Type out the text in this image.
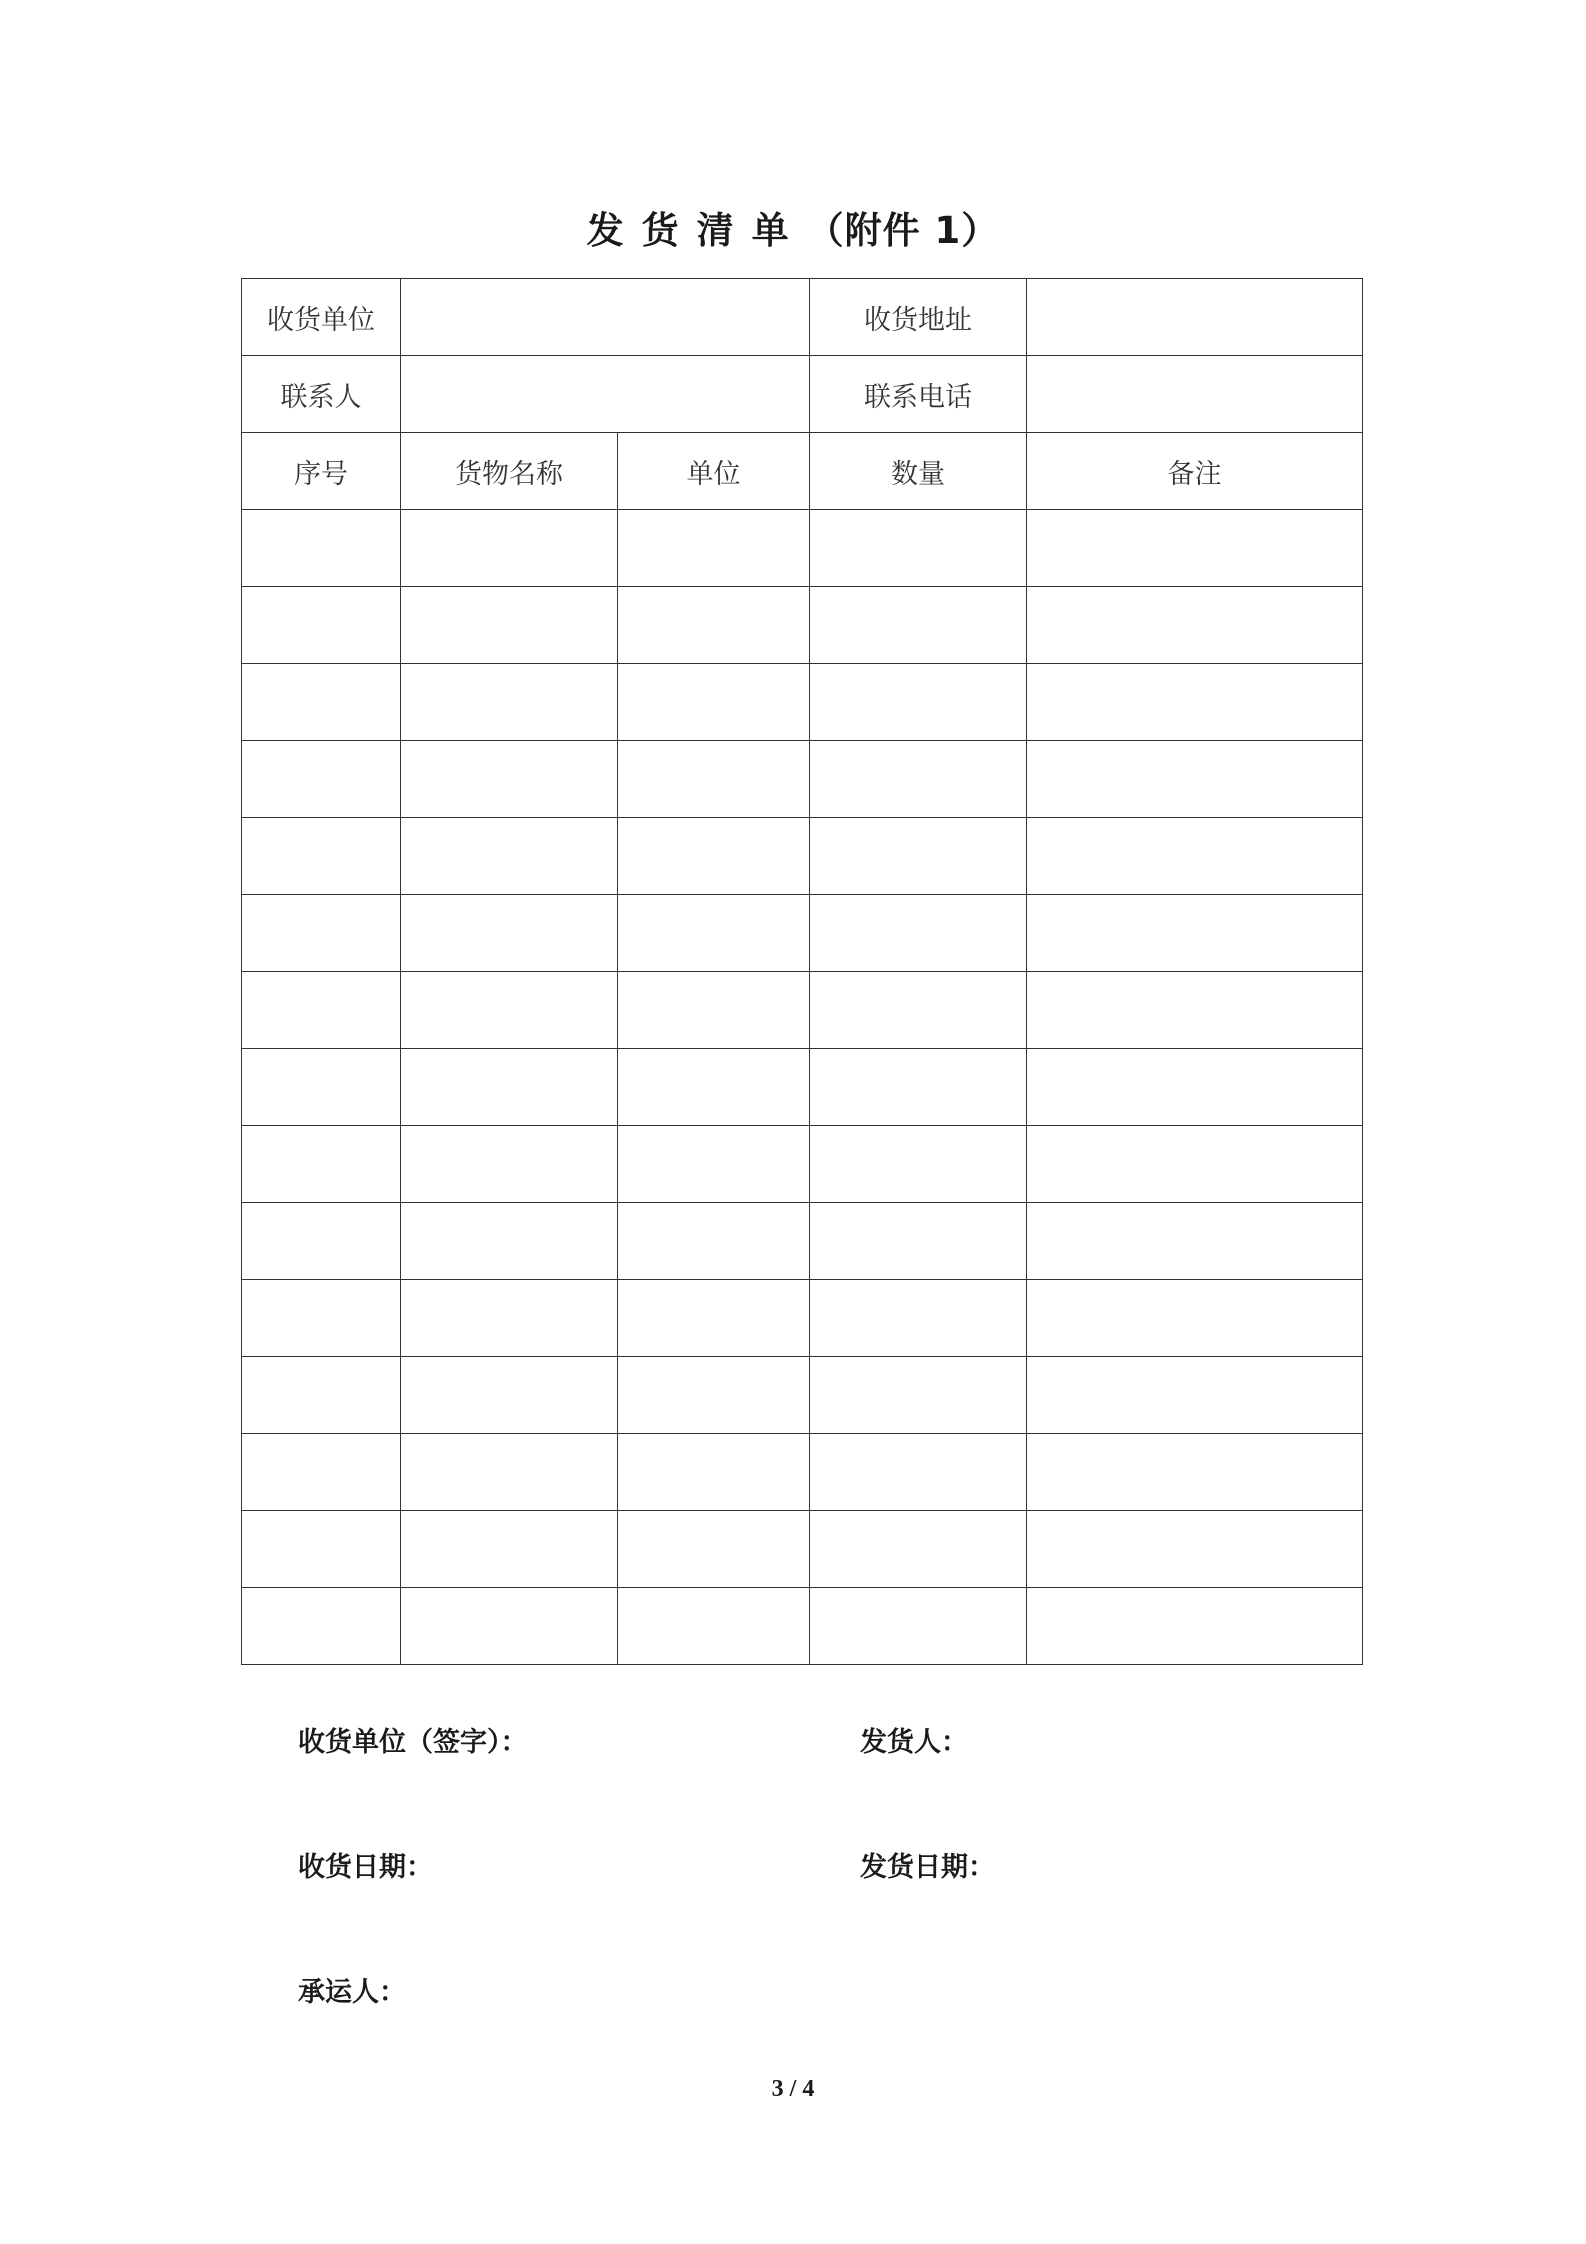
发货清单（附件 1）
收货单位			收货地址	
联系人			联系电话	
序号	货物名称	单位	数量	备注

收货单位（签字）：	发货人：
收货日期：	发货日期：
承运人：
3 / 4
